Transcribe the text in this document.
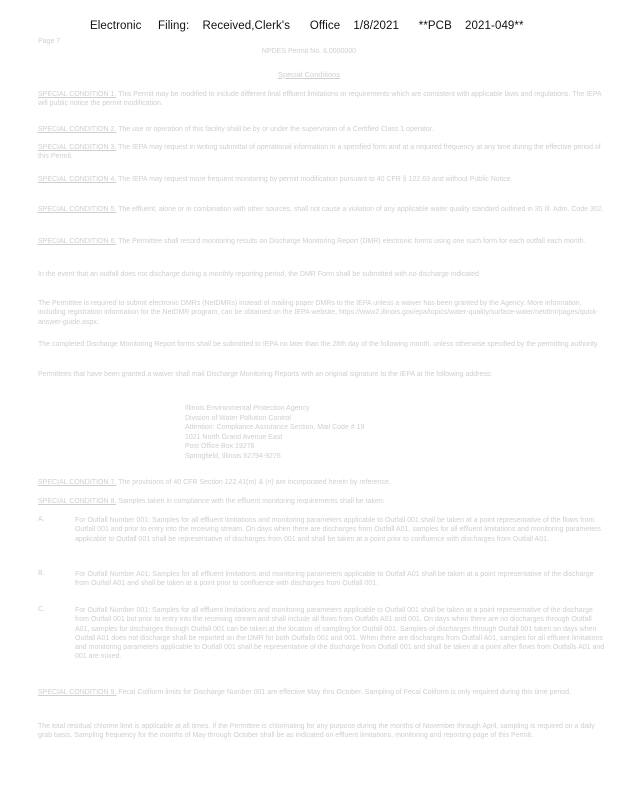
Electronic     Filing:    Received,Clerk's      Office    1/8/2021      **PCB    2021-049**
Page 7
NPDES Permit No. IL0000000
Special Conditions

SPECIAL CONDITION 1. This Permit may be modified to include different final effluent limitations or requirements which are consistent with applicable laws and regulations. The IEPA will public notice the permit modification.

SPECIAL CONDITION 2. The use or operation of this facility shall be by or under the supervision of a Certified Class 1 operator.

SPECIAL CONDITION 3. The IEPA may request in writing submittal of operational information in a specified form and at a required frequency at any time during the effective period of this Permit.

SPECIAL CONDITION 4. The IEPA may request more frequent monitoring by permit modification pursuant to 40 CFR § 122.63 and without Public Notice.

SPECIAL CONDITION 5. The effluent, alone or in combination with other sources, shall not cause a violation of any applicable water quality standard outlined in 35 Ill. Adm. Code 302.

SPECIAL CONDITION 6. The Permittee shall record monitoring results on Discharge Monitoring Report (DMR) electronic forms using one such form for each outfall each month.

In the event that an outfall does not discharge during a monthly reporting period, the DMR Form shall be submitted with no discharge indicated.

The Permittee is required to submit electronic DMRs (NetDMRs) instead of mailing paper DMRs to the IEPA unless a waiver has been granted by the Agency. More information, including registration information for the NetDMR program, can be obtained on the IEPA website, https://www2.illinois.gov/epa/topics/water-quality/surface-water/netdmr/pages/quick-answer-guide.aspx.

The completed Discharge Monitoring Report forms shall be submitted to IEPA no later than the 28th day of the following month, unless otherwise specified by the permitting authority.

Permittees that have been granted a waiver shall mail Discharge Monitoring Reports with an original signature to the IEPA at the following address:

Illinois Environmental Protection Agency
Division of Water Pollution Control
Attention: Compliance Assurance Section, Mail Code # 19
1021 North Grand Avenue East
Post Office Box 19276
Springfield, Illinois 62794-9276

SPECIAL CONDITION 7. The provisions of 40 CFR Section 122.41(m) & (n) are incorporated herein by reference.

SPECIAL CONDITION 8. Samples taken in compliance with the effluent monitoring requirements shall be taken:

A.	For Outfall Number 001: Samples for all effluent limitations and monitoring parameters applicable to Outfall 001 shall be taken at a point representative of the flows from Outfall 001 and prior to entry into the receiving stream. On days when there are discharges from Outfall A01, samples for all effluent limitations and monitoring parameters applicable to Outfall 001 shall be representative of discharges from 001 and shall be taken at a point prior to confluence with discharges from Outfall A01.

B.	For Outfall Number A01: Samples for all effluent limitations and monitoring parameters applicable to Outfall A01 shall be taken at a point representative of the discharge from Outfall A01 and shall be taken at a point prior to confluence with discharges from Outfall 001.

C.	For Outfall Number 001: Samples for all effluent limitations and monitoring parameters applicable to Outfall 001 shall be taken at a point representative of the discharge from Outfall 001 but prior to entry into the receiving stream and shall include all flows from Outfalls A01 and 001. On days when there are no discharges through Outfall A01, samples for discharges through Outfall 001 can be taken at the location of sampling for Outfall 001. Samples of discharges through Outfall 001 taken on days when Outfall A01 does not discharge shall be reported on the DMR for both Outfalls 001 and 001. When there are discharges from Outfall A01, samples for all effluent limitations and monitoring parameters applicable to Outfall 001 shall be representative of the discharge from Outfall 001 and shall be taken at a point after flows from Outfalls A01 and 001 are mixed.

SPECIAL CONDITION 9. Fecal Coliform limits for Discharge Number 001 are effective May thru October. Sampling of Fecal Coliform is only required during this time period.

The total residual chlorine limit is applicable at all times. If the Permittee is chlorinating for any purpose during the months of November through April, sampling is required on a daily grab basis. Sampling frequency for the months of May through October shall be as indicated on effluent limitations, monitoring and reporting page of this Permit.
